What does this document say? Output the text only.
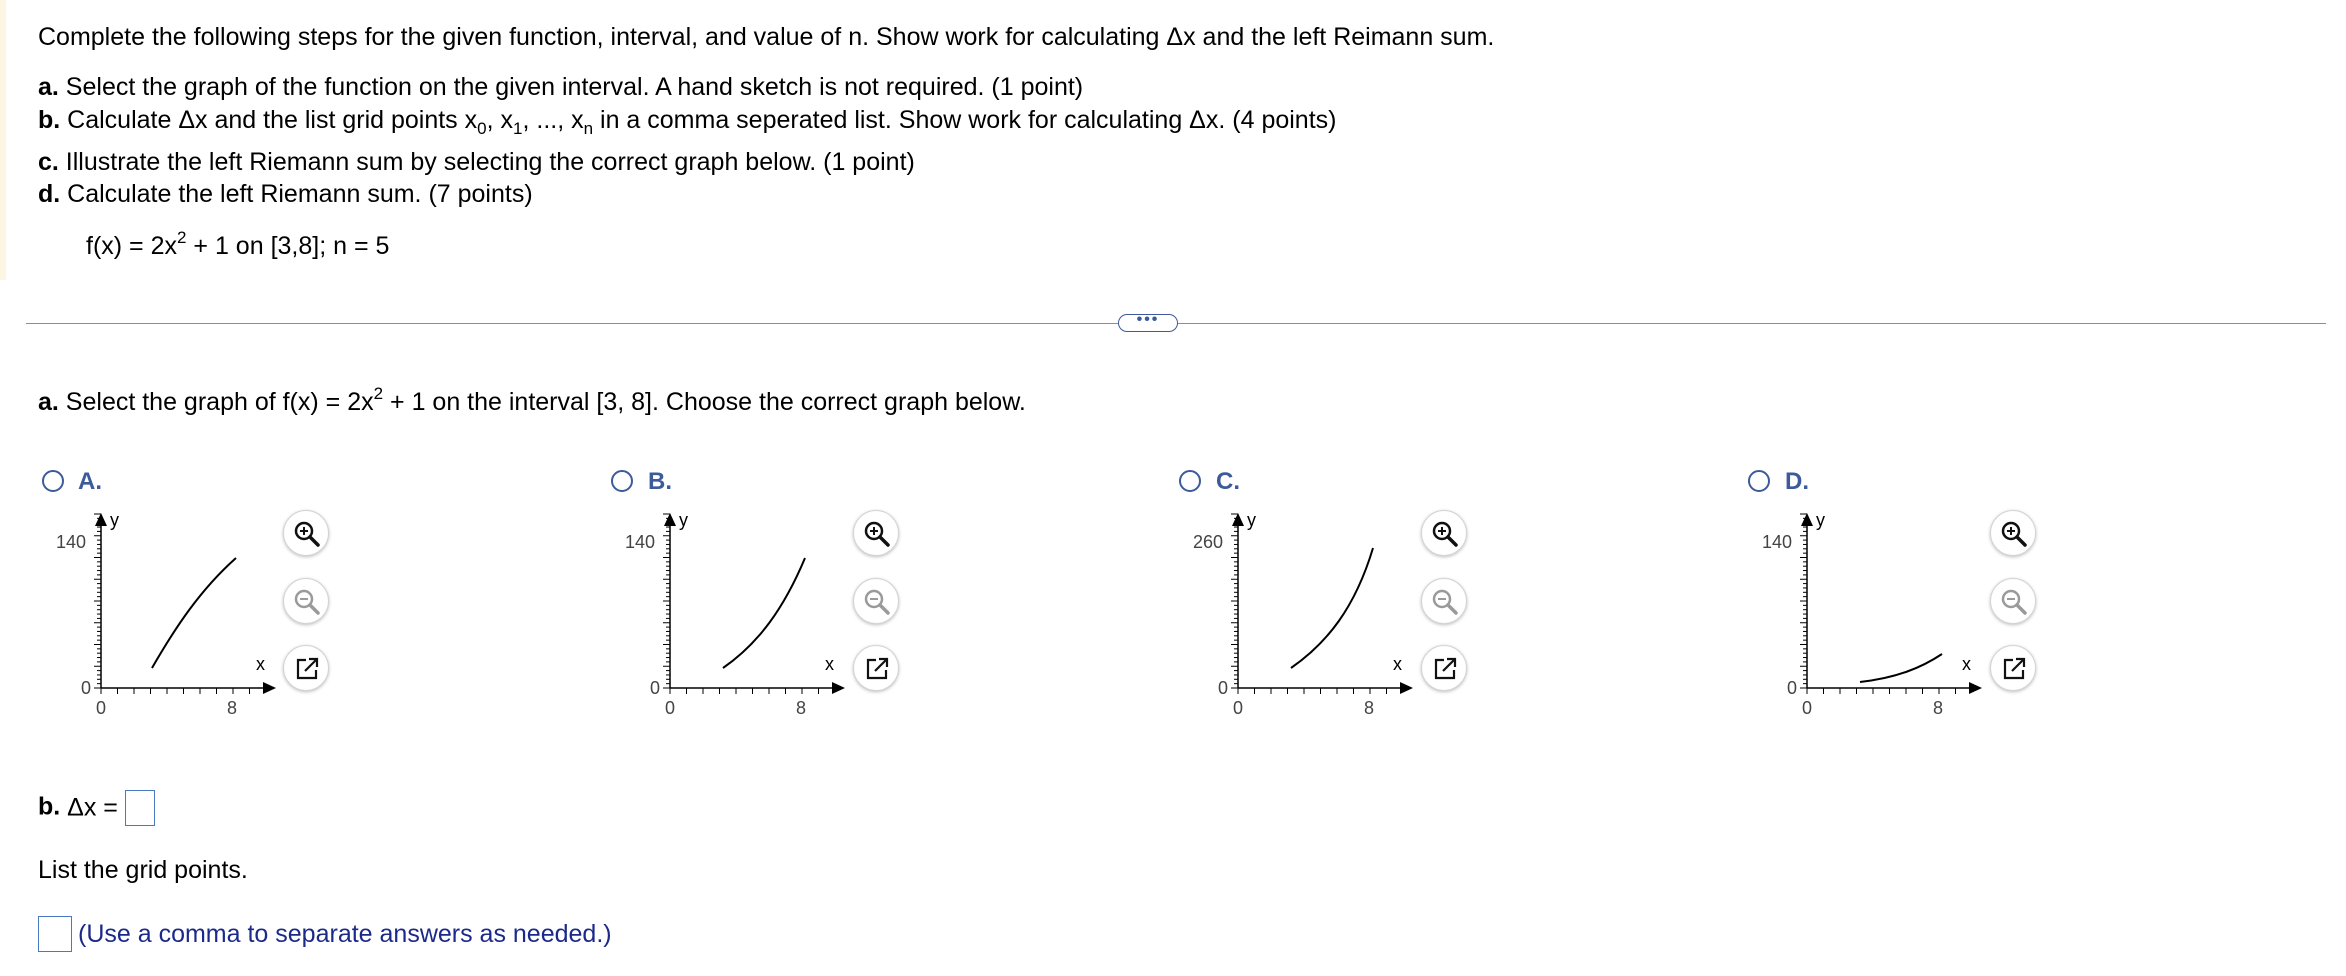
Complete the following steps for the given function, interval, and value of n. Show work for calculating Δx and the left Reimann sum.
a. Select the graph of the function on the given interval. A hand sketch is not required. (1 point)
b. Calculate Δx and the list grid points $x_0$, $x_1$, ..., $x_n$ in a comma seperated list. Show work for calculating Δx. (4 points)
c. Illustrate the left Riemann sum by selecting the correct graph below. (1 point)
d. Calculate the left Riemann sum. (7 points)
$f(x) = 2x^2 + 1$ on [3,8]; n = 5
•••
a. Select the graph of $f(x) = 2x^2 + 1$ on the interval [3, 8]. Choose the correct graph below.
A.
y
x
140
0
0	8
B.
y
x
140
0
0	8
C.
y
x
260
0
0	8
D.
y
x
140
0
0	8
b. Δx =
List the grid points.
(Use a comma to separate answers as needed.)
